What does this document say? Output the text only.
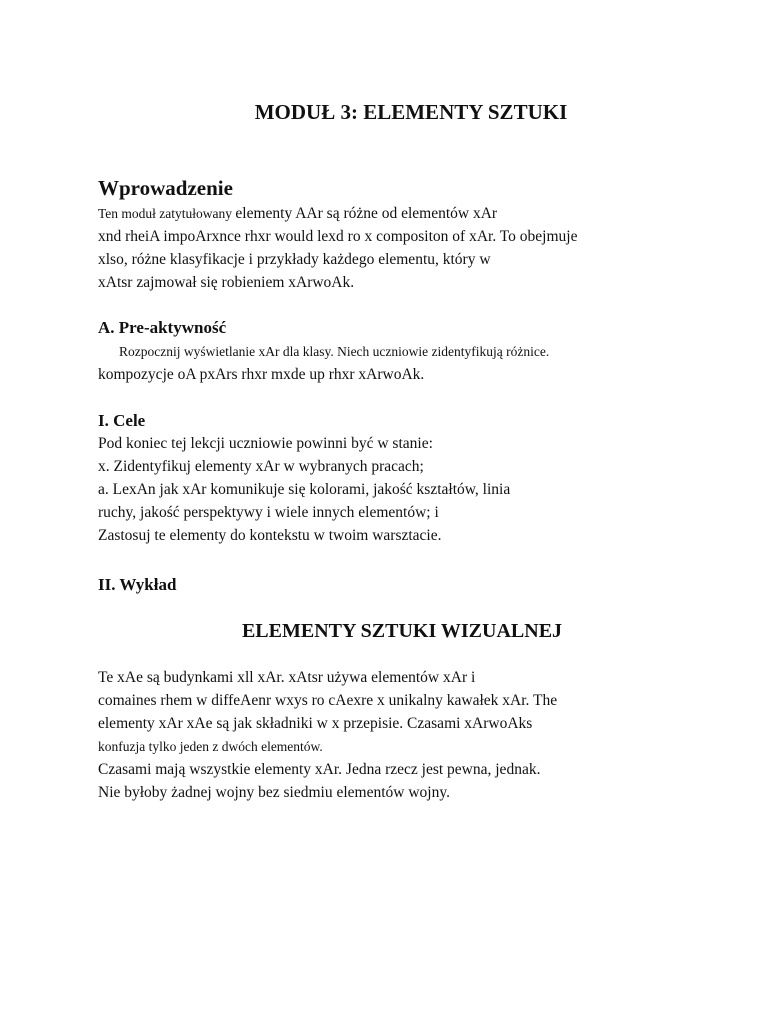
MODUŁ 3: ELEMENTY SZTUKI
Wprowadzenie
Ten moduł zatytułowany elementy AAr są różne od elementów xAr
xnd rheiA impoArxnce rhxr would lexd ro x compositon of xAr. To obejmuje
xlso, różne klasyfikacje i przykłady każdego elementu, który w
xAtsr zajmował się robieniem xArwoAk.
A. Pre-aktywność
Rozpocznij wyświetlanie xAr dla klasy. Niech uczniowie zidentyfikują różnice.
kompozycje oA pxArs rhxr mxde up rhxr xArwoAk.
I. Cele
Pod koniec tej lekcji uczniowie powinni być w stanie:
x. Zidentyfikuj elementy xAr w wybranych pracach;
a. LexAn jak xAr komunikuje się kolorami, jakość kształtów, linia
ruchy, jakość perspektywy i wiele innych elementów; i
Zastosuj te elementy do kontekstu w twoim warsztacie.
II. Wykład
ELEMENTY SZTUKI WIZUALNEJ
Te xAe są budynkami xll xAr. xAtsr używa elementów xAr i
comaines rhem w diffeAenr wxys ro cAexre x unikalny kawałek xAr. The
elementy xAr xAe są jak składniki w x przepisie. Czasami xArwoAks
konfuzja tylko jeden z dwóch elementów.
Czasami mają wszystkie elementy xAr. Jedna rzecz jest pewna, jednak.
Nie byłoby żadnej wojny bez siedmiu elementów wojny.
